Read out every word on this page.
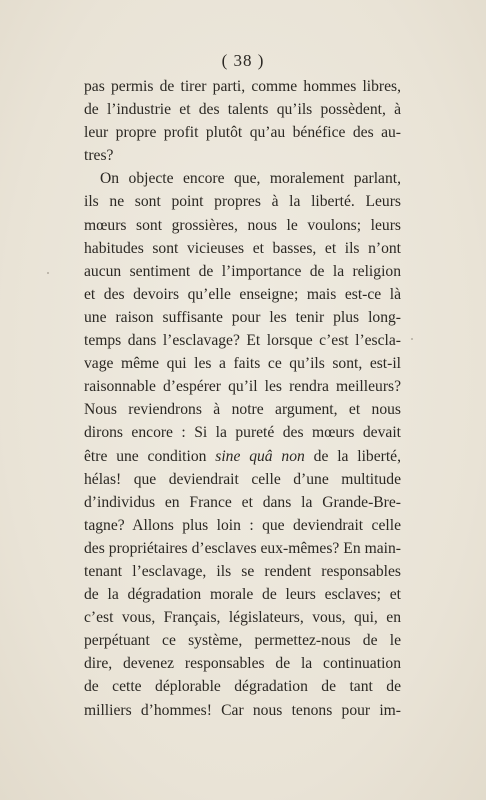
( 38 )
pas permis de tirer parti, comme hommes libres,
de l’industrie et des talents qu’ils possèdent, à
leur propre profit plutôt qu’au bénéfice des au-
tres?
On objecte encore que, moralement parlant,
ils ne sont point propres à la liberté. Leurs
mœurs sont grossières, nous le voulons; leurs
habitudes sont vicieuses et basses, et ils n’ont
aucun sentiment de l’importance de la religion
et des devoirs qu’elle enseigne; mais est-ce là
une raison suffisante pour les tenir plus long-
temps dans l’esclavage? Et lorsque c’est l’escla-
vage même qui les a faits ce qu’ils sont, est-il
raisonnable d’espérer qu’il les rendra meilleurs?
Nous reviendrons à notre argument, et nous
dirons encore : Si la pureté des mœurs devait
être une condition sine quâ non de la liberté,
hélas! que deviendrait celle d’une multitude
d’individus en France et dans la Grande-Bre-
tagne? Allons plus loin : que deviendrait celle
des propriétaires d’esclaves eux-mêmes? En main-
tenant l’esclavage, ils se rendent responsables
de la dégradation morale de leurs esclaves; et
c’est vous, Français, législateurs, vous, qui, en
perpétuant ce système, permettez-nous de le
dire, devenez responsables de la continuation
de cette déplorable dégradation de tant de
milliers d’hommes! Car nous tenons pour im-
